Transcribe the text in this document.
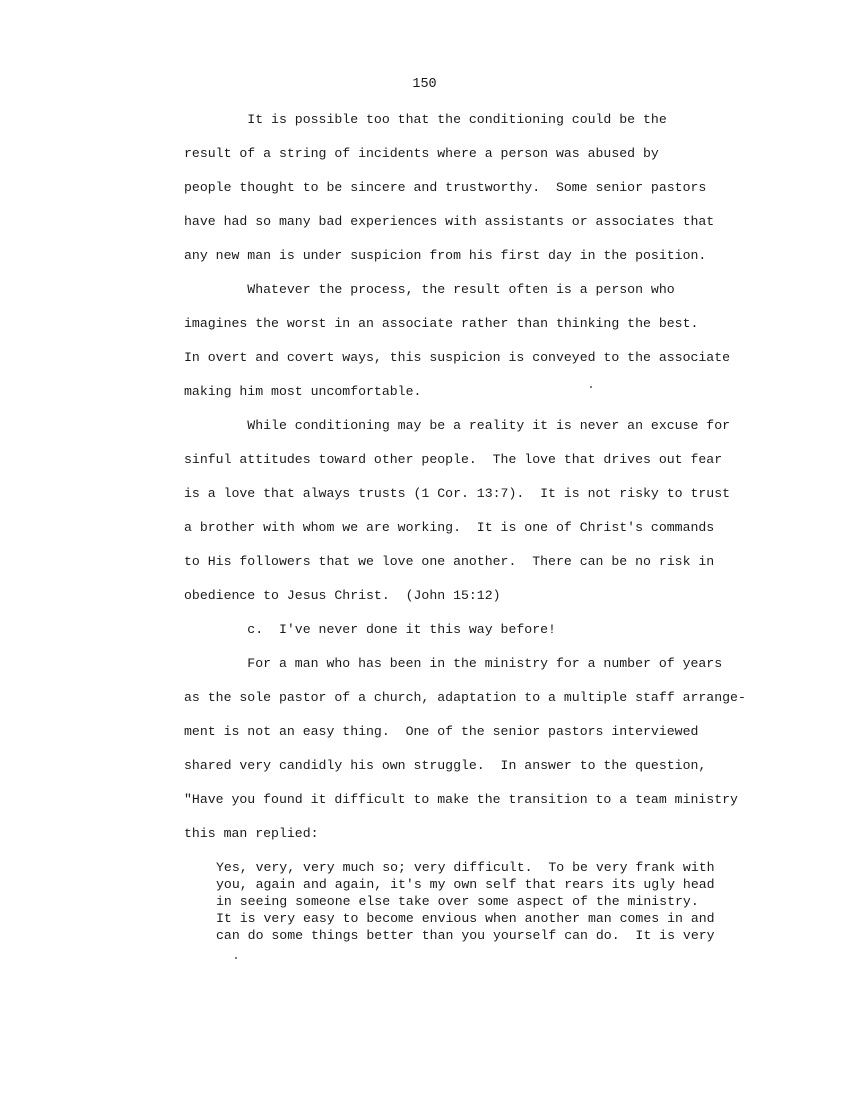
150
It is possible too that the conditioning could be the
result of a string of incidents where a person was abused by
people thought to be sincere and trustworthy.  Some senior pastors
have had so many bad experiences with assistants or associates that
any new man is under suspicion from his first day in the position.
Whatever the process, the result often is a person who
imagines the worst in an associate rather than thinking the best.
In overt and covert ways, this suspicion is conveyed to the associate
making him most uncomfortable.
While conditioning may be a reality it is never an excuse for
sinful attitudes toward other people.  The love that drives out fear
is a love that always trusts (1 Cor. 13:7).  It is not risky to trust
a brother with whom we are working.  It is one of Christ's commands
to His followers that we love one another.  There can be no risk in
obedience to Jesus Christ.  (John 15:12)
c.  I've never done it this way before!
For a man who has been in the ministry for a number of years
as the sole pastor of a church, adaptation to a multiple staff arrange-
ment is not an easy thing.  One of the senior pastors interviewed
shared very candidly his own struggle.  In answer to the question,
"Have you found it difficult to make the transition to a team ministry
this man replied:
Yes, very, very much so; very difficult.  To be very frank with
you, again and again, it's my own self that rears its ugly head
in seeing someone else take over some aspect of the ministry.
It is very easy to become envious when another man comes in and
can do some things better than you yourself can do.  It is very
